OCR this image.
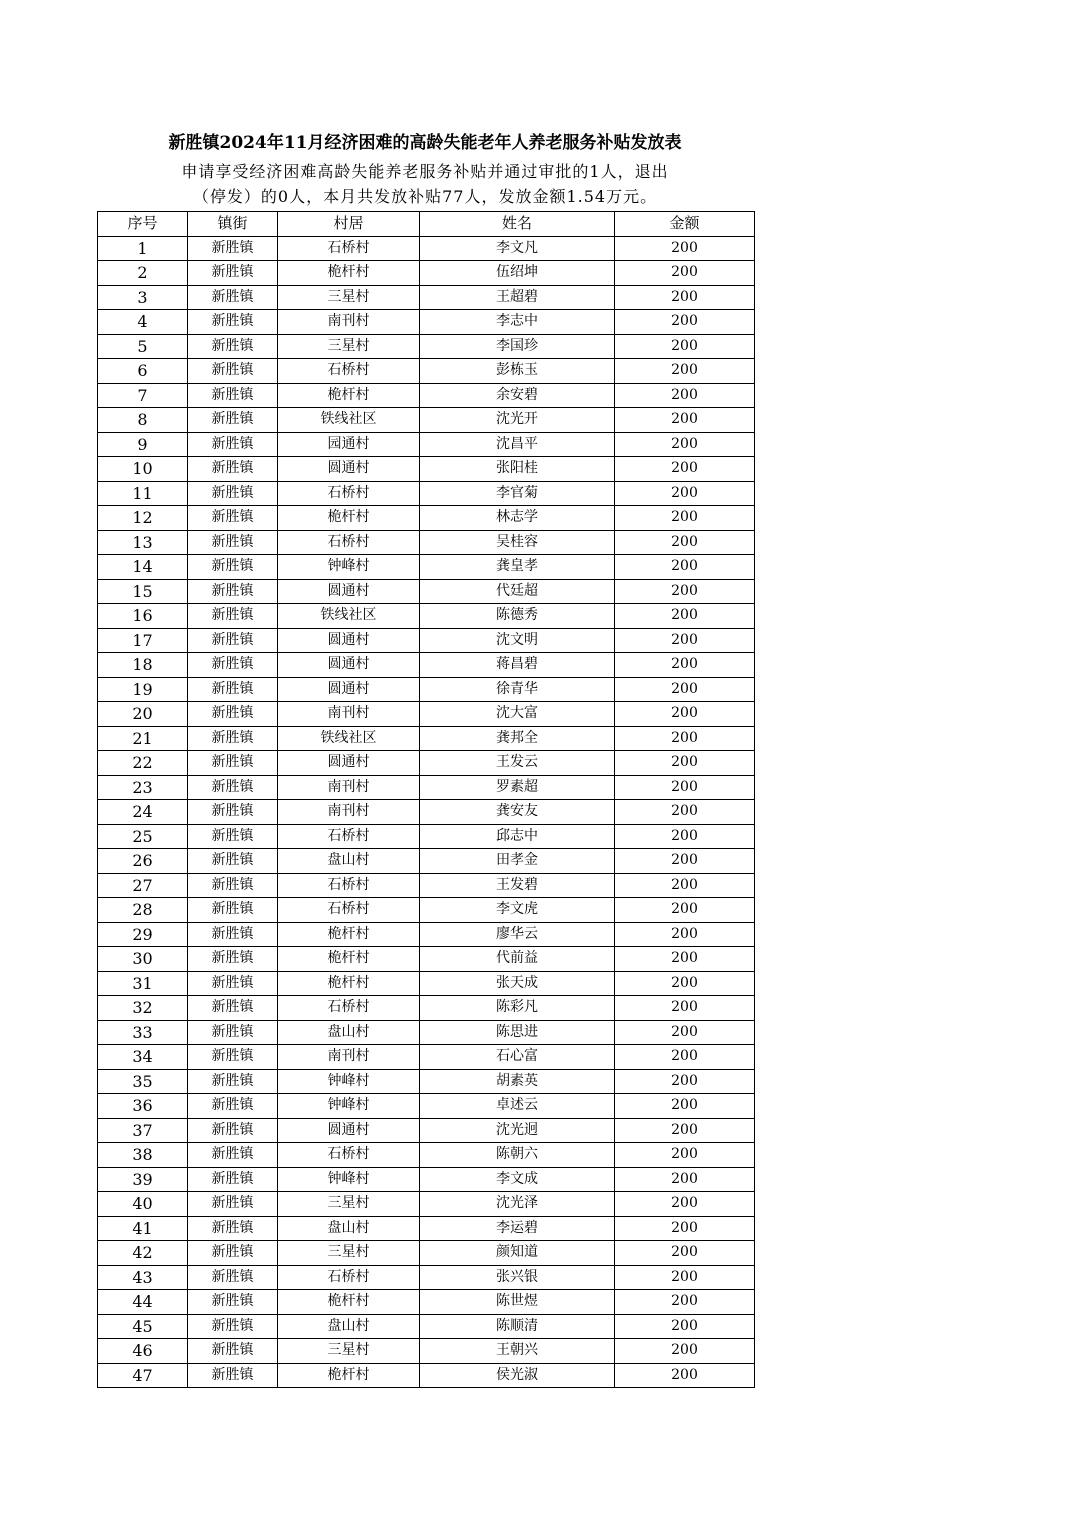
新胜镇2024年11月经济困难的高龄失能老年人养老服务补贴发放表
申请享受经济困难高龄失能养老服务补贴并通过审批的1人，退出
（停发）的0人，本月共发放补贴77人，发放金额1.54万元。
序号	镇街	村居	姓名	金额
1	新胜镇	石桥村	李文凡	200
2	新胜镇	桅杆村	伍绍坤	200
3	新胜镇	三星村	王超碧	200
4	新胜镇	南刊村	李志中	200
5	新胜镇	三星村	李国珍	200
6	新胜镇	石桥村	彭栋玉	200
7	新胜镇	桅杆村	余安碧	200
8	新胜镇	铁线社区	沈光开	200
9	新胜镇	园通村	沈昌平	200
10	新胜镇	圆通村	张阳桂	200
11	新胜镇	石桥村	李官菊	200
12	新胜镇	桅杆村	林志学	200
13	新胜镇	石桥村	吴桂容	200
14	新胜镇	钟峰村	龚皇孝	200
15	新胜镇	圆通村	代廷超	200
16	新胜镇	铁线社区	陈德秀	200
17	新胜镇	圆通村	沈文明	200
18	新胜镇	圆通村	蒋昌碧	200
19	新胜镇	圆通村	徐青华	200
20	新胜镇	南刊村	沈大富	200
21	新胜镇	铁线社区	龚邦全	200
22	新胜镇	圆通村	王发云	200
23	新胜镇	南刊村	罗素超	200
24	新胜镇	南刊村	龚安友	200
25	新胜镇	石桥村	邱志中	200
26	新胜镇	盘山村	田孝金	200
27	新胜镇	石桥村	王发碧	200
28	新胜镇	石桥村	李文虎	200
29	新胜镇	桅杆村	廖华云	200
30	新胜镇	桅杆村	代前益	200
31	新胜镇	桅杆村	张天成	200
32	新胜镇	石桥村	陈彩凡	200
33	新胜镇	盘山村	陈思进	200
34	新胜镇	南刊村	石心富	200
35	新胜镇	钟峰村	胡素英	200
36	新胜镇	钟峰村	卓述云	200
37	新胜镇	圆通村	沈光迥	200
38	新胜镇	石桥村	陈朝六	200
39	新胜镇	钟峰村	李文成	200
40	新胜镇	三星村	沈光泽	200
41	新胜镇	盘山村	李运碧	200
42	新胜镇	三星村	颜知道	200
43	新胜镇	石桥村	张兴银	200
44	新胜镇	桅杆村	陈世煜	200
45	新胜镇	盘山村	陈顺清	200
46	新胜镇	三星村	王朝兴	200
47	新胜镇	桅杆村	侯光淑	200
